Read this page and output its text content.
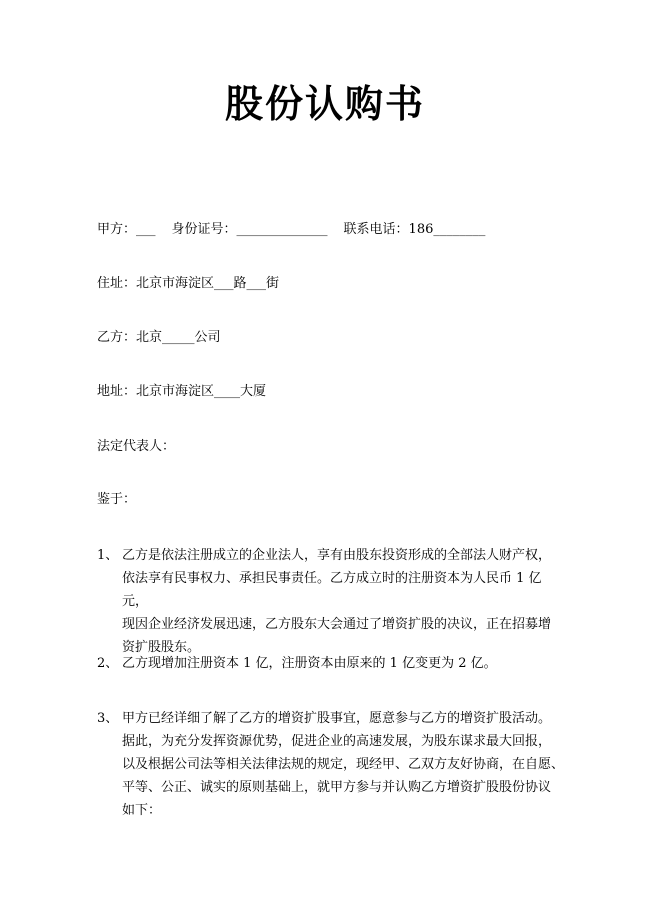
股份认购书
甲方：___ 身份证号：______________ 联系电话：186________
住址：北京市海淀区___路___街
乙方：北京_____公司
地址：北京市海淀区____大厦
法定代表人：
鉴于：
1、 乙方是依法注册成立的企业法人，享有由股东投资形成的全部法人财产权，
依法享有民事权力、承担民事责任。乙方成立时的注册资本为人民币 1 亿元，
现因企业经济发展迅速，乙方股东大会通过了增资扩股的决议，正在招募增
资扩股股东。
2、 乙方现增加注册资本 1 亿，注册资本由原来的 1 亿变更为 2 亿。
3、 甲方已经详细了解了乙方的增资扩股事宜，愿意参与乙方的增资扩股活动。
据此，为充分发挥资源优势，促进企业的高速发展，为股东谋求最大回报，
以及根据公司法等相关法律法规的规定，现经甲、乙双方友好协商，在自愿、
平等、公正、诚实的原则基础上，就甲方参与并认购乙方增资扩股股份协议
如下：
